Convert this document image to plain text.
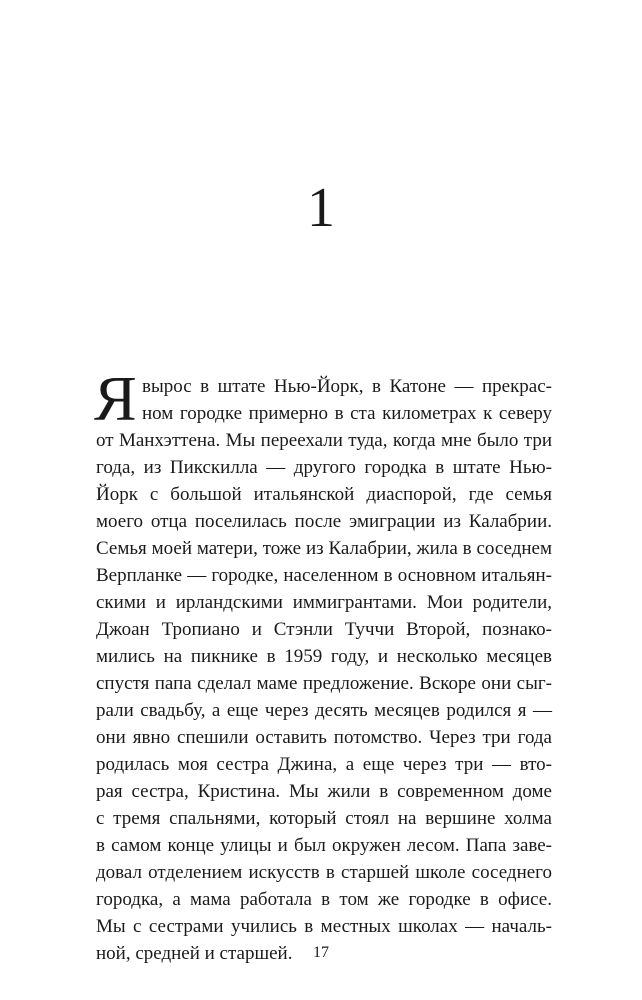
1
Я вырос в штате Нью-Йорк, в Катоне — прекрас-
ном городке примерно в ста километрах к северу
от Манхэттена. Мы переехали туда, когда мне было три
года, из Пикскилла — другого городка в штате Нью-
Йорк с большой итальянской диаспорой, где семья
моего отца поселилась после эмиграции из Калабрии.
Семья моей матери, тоже из Калабрии, жила в соседнем
Верпланке — городке, населенном в основном итальян-
скими и ирландскими иммигрантами. Мои родители,
Джоан Тропиано и Стэнли Туччи Второй, познако-
мились на пикнике в 1959 году, и несколько месяцев
спустя папа сделал маме предложение. Вскоре они сыг-
рали свадьбу, а еще через десять месяцев родился я —
они явно спешили оставить потомство. Через три года
родилась моя сестра Джина, а еще через три — вто-
рая сестра, Кристина. Мы жили в современном доме
с тремя спальнями, который стоял на вершине холма
в самом конце улицы и был окружен лесом. Папа заве-
довал отделением искусств в старшей школе соседнего
городка, а мама работала в том же городке в офисе.
Мы с сестрами учились в местных школах — началь-
ной, средней и старшей.	17
